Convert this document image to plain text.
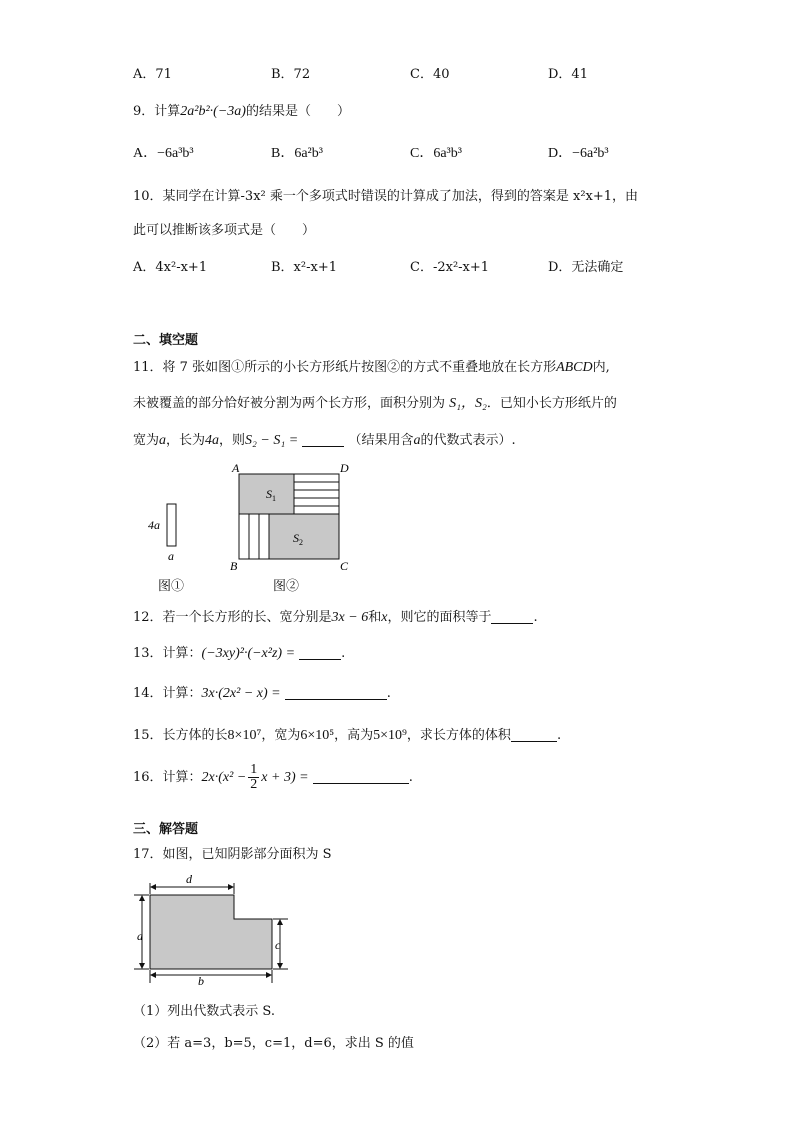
A．71	B．72	C．40	D．41
9．计算2a²b²·(−3a)的结果是（　　）
A．−6a³b³	B．6a²b³	C．6a³b³	D．−6a²b³
10．某同学在计算-3x² 乘一个多项式时错误的计算成了加法，得到的答案是 x²x+1，由
此可以推断该多项式是（　　）
A．4x²-x+1	B．x²-x+1	C．-2x²-x+1	D．无法确定
二、填空题
11．将 7 张如图①所示的小长方形纸片按图②的方式不重叠地放在长方形ABCD内,
未被覆盖的部分恰好被分割为两个长方形，面积分别为 S₁，S₂．已知小长方形纸片的
宽为a，长为4a，则S₂ − S₁ =	（结果用含a的代数式表示）.
4a
a
$S_1$
$S_2$
A	D
B	C
图①	图②
12．若一个长方形的长、宽分别是3x − 6和x，则它的面积等于	.
13．计算：(−3xy)²·(−x²z) =	.
14．计算：3x·(2x² − x) =	.
15．长方体的长8×10⁷，宽为6×10⁵，高为5×10⁹，求长方体的体积	.
16．计算：$2x\cdot(x^2 - \frac{1}{2}$ x + 3) =	.
三、解答题
17．如图，已知阴影部分面积为 S
d
a
c
b
（1）列出代数式表示 S.
（2）若 a=3，b=5，c=1，d=6，求出 S 的值
